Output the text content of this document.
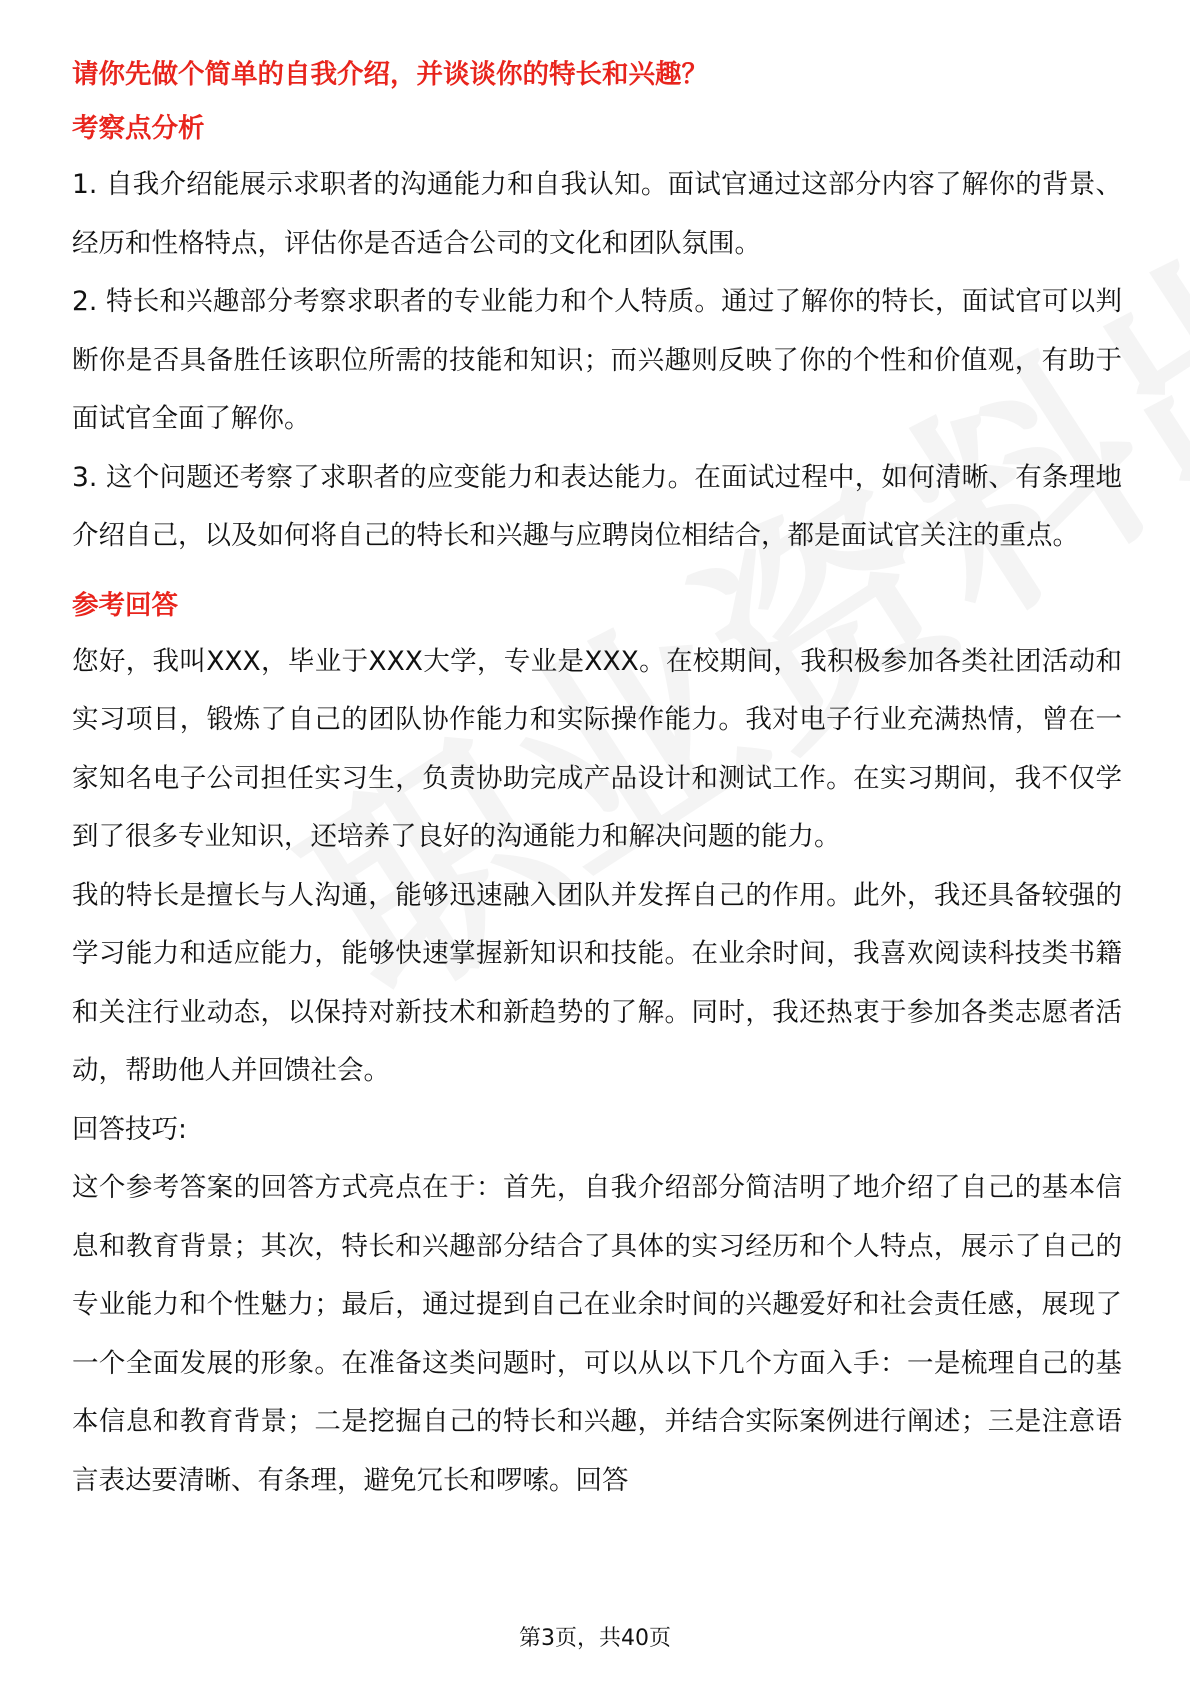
请你先做个简单的自我介绍，并谈谈你的特长和兴趣？

考察点分析

1. 自我介绍能展示求职者的沟通能力和自我认知。面试官通过这部分内容了解你的背景、经历和性格特点，评估你是否适合公司的文化和团队氛围。

2. 特长和兴趣部分考察求职者的专业能力和个人特质。通过了解你的特长，面试官可以判断你是否具备胜任该职位所需的技能和知识；而兴趣则反映了你的个性和价值观，有助于面试官全面了解你。

3. 这个问题还考察了求职者的应变能力和表达能力。在面试过程中，如何清晰、有条理地介绍自己，以及如何将自己的特长和兴趣与应聘岗位相结合，都是面试官关注的重点。

参考回答

您好，我叫XXX，毕业于XXX大学，专业是XXX。在校期间，我积极参加各类社团活动和实习项目，锻炼了自己的团队协作能力和实际操作能力。我对电子行业充满热情，曾在一家知名电子公司担任实习生，负责协助完成产品设计和测试工作。在实习期间，我不仅学到了很多专业知识，还培养了良好的沟通能力和解决问题的能力。

我的特长是擅长与人沟通，能够迅速融入团队并发挥自己的作用。此外，我还具备较强的学习能力和适应能力，能够快速掌握新知识和技能。在业余时间，我喜欢阅读科技类书籍和关注行业动态，以保持对新技术和新趋势的了解。同时，我还热衷于参加各类志愿者活动，帮助他人并回馈社会。

回答技巧:

这个参考答案的回答方式亮点在于：首先，自我介绍部分简洁明了地介绍了自己的基本信息和教育背景；其次，特长和兴趣部分结合了具体的实习经历和个人特点，展示了自己的专业能力和个性魅力；最后，通过提到自己在业余时间的兴趣爱好和社会责任感，展现了一个全面发展的形象。在准备这类问题时，可以从以下几个方面入手：一是梳理自己的基本信息和教育背景；二是挖掘自己的特长和兴趣，并结合实际案例进行阐述；三是注意语言表达要清晰、有条理，避免冗长和啰嗦。回答

第3页，共40页
